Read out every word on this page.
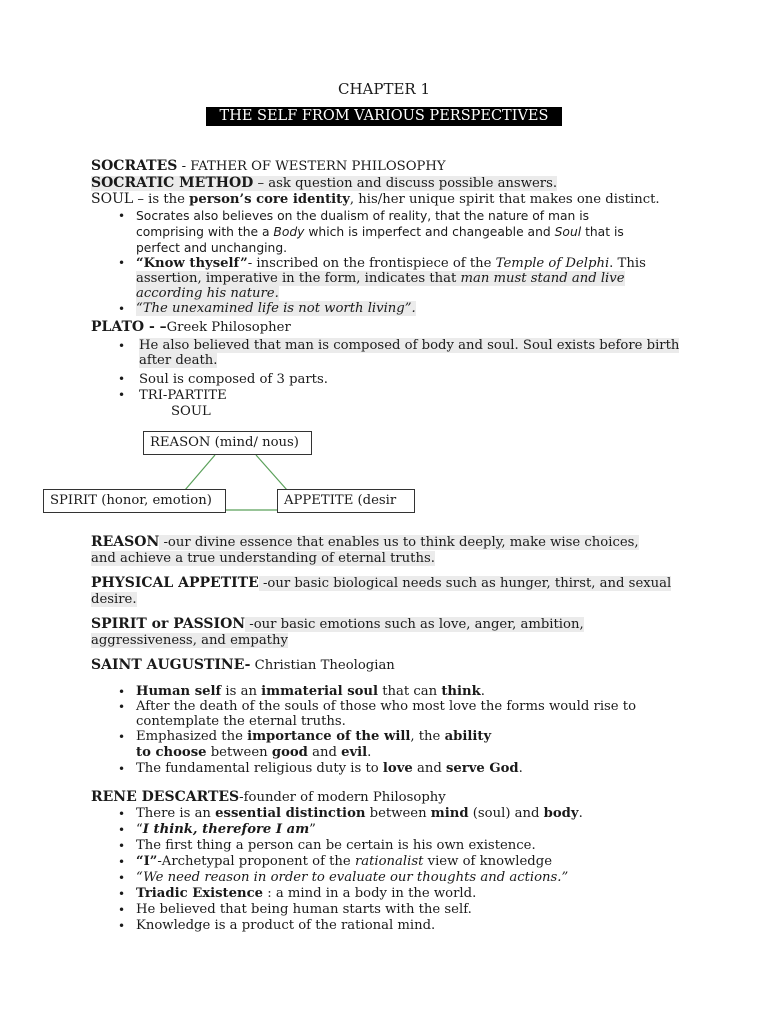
CHAPTER 1
THE SELF FROM VARIOUS PERSPECTIVES
SOCRATES - FATHER OF WESTERN PHILOSOPHY
SOCRATIC METHOD – ask question and discuss possible answers.
SOUL – is the person’s core identity, his/her unique spirit that makes one distinct.
• Socrates also believes on the dualism of reality, that the nature of man is
comprising with the a Body which is imperfect and changeable and Soul that is
perfect and unchanging.
• “Know thyself”- inscribed on the frontispiece of the Temple of Delphi. This
assertion, imperative in the form, indicates that man must stand and live
according his nature.
• “The unexamined life is not worth living”.
PLATO - –Greek Philosopher
• He also believed that man is composed of body and soul. Soul exists before birth
after death.
• Soul is composed of 3 parts.
• TRI-PARTITE
SOUL
REASON (mind/ nous)
SPIRIT (honor, emotion)	APPETITE (desir
REASON -our divine essence that enables us to think deeply, make wise choices,
and achieve a true understanding of eternal truths.
PHYSICAL APPETITE -our basic biological needs such as hunger, thirst, and sexual
desire.
SPIRIT or PASSION -our basic emotions such as love, anger, ambition,
aggressiveness, and empathy
SAINT AUGUSTINE- Christian Theologian
• Human self is an immaterial soul that can think.
• After the death of the souls of those who most love the forms would rise to
contemplate the eternal truths.
• Emphasized the importance of the will, the ability
to choose between good and evil.
• The fundamental religious duty is to love and serve God.
RENE DESCARTES-founder of modern Philosophy
• There is an essential distinction between mind (soul) and body.
• “I think, therefore I am”
• The first thing a person can be certain is his own existence.
• “I”-Archetypal proponent of the rationalist view of knowledge
• “We need reason in order to evaluate our thoughts and actions.”
• Triadic Existence : a mind in a body in the world.
• He believed that being human starts with the self.
• Knowledge is a product of the rational mind.
